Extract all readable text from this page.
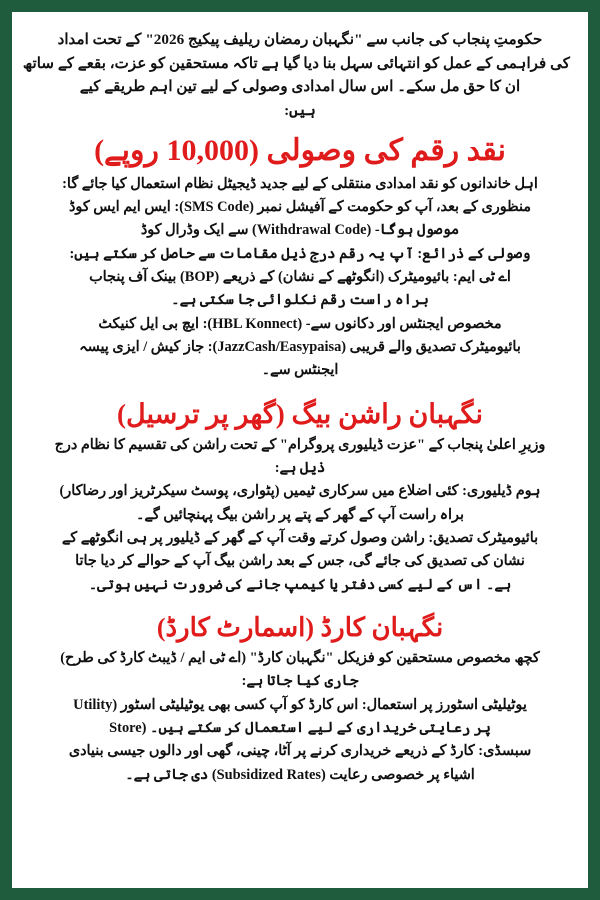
حکومتِ پنجاب کی جانب سے "نگہبان رمضان ریلیف پیکیج 2026" کے تحت امداد
کی فراہمی کے عمل کو انتہائی سہل بنا دیا گیا ہے تاکہ مستحقین کو عزت، بقعے کے ساتھ
ان کا حق مل سکے۔ اس سال امدادی وصولی کے لیے تین اہم طریقے کیے
ہیں:
نقد رقم کی وصولی (10,000 روپے)
اہل خاندانوں کو نقد امدادی منتقلی کے لیے جدید ڈیجیٹل نظام استعمال کیا جائے گا:
منظوری کے بعد، آپ کو حکومت کے آفیشل نمبر (SMS Code): ایس ایم ایس کوڈ
موصول ہوگا- (Withdrawal Code) سے ایک وڈرال کوڈ
وصولی کے ذرائع: آپ یہ رقم درج ذیل مقامات سے حاصل کر سکتے ہیں:
اے ٹی ایم: بائیومیٹرک (انگوٹھے کے نشان) کے ذریعے (BOP) بینک آف پنجاب
براہ راست رقم نکلوائی جا سکتی ہے۔
مخصوص ایجنٹس اور دکانوں سے- (HBL Konnect): ایچ بی ایل کنیکٹ
بائیومیٹرک تصدیق والے قریبی (JazzCash/Easypaisa): جاز کیش / ایزی پیسہ
ایجنٹس سے۔
نگہبان راشن بیگ (گھر پر ترسیل)
وزیرِ اعلیٰ پنجاب کے "عزت ڈیلیوری پروگرام" کے تحت راشن کی تقسیم کا نظام درج
ذیل ہے:
ہوم ڈیلیوری: کئی اضلاع میں سرکاری ٹیمیں (پٹواری، پوسٹ سیکرٹریز اور رضاکار)
براہ راست آپ کے گھر کے پتے پر راشن بیگ پہنچائیں گے۔
بائیومیٹرک تصدیق: راشن وصول کرتے وقت آپ کے گھر کے ڈیلیور پر ہی انگوٹھے کے
نشان کی تصدیق کی جائے گی، جس کے بعد راشن بیگ آپ کے حوالے کر دیا جاتا
ہے۔ اس کے لیے کسی دفتر یا کیمپ جانے کی ضرورت نہیں ہوتی۔
نگہبان کارڈ (اسمارٹ کارڈ)
کچھ مخصوص مستحقین کو فزیکل "نگہبان کارڈ" (اے ٹی ایم / ڈیبٹ کارڈ کی طرح)
جاری کیا جاتا ہے:
یوٹیلیٹی اسٹورز پر استعمال: اس کارڈ کو آپ کسی بھی یوٹیلیٹی اسٹور (Utility
پر رعایتی خریداری کے لیے استعمال کر سکتے ہیں۔ (Store
سبسڈی: کارڈ کے ذریعے خریداری کرنے پر آٹا، چینی، گھی اور دالوں جیسی بنیادی
اشیاء پر خصوصی رعایت (Subsidized Rates) دی جاتی ہے۔
